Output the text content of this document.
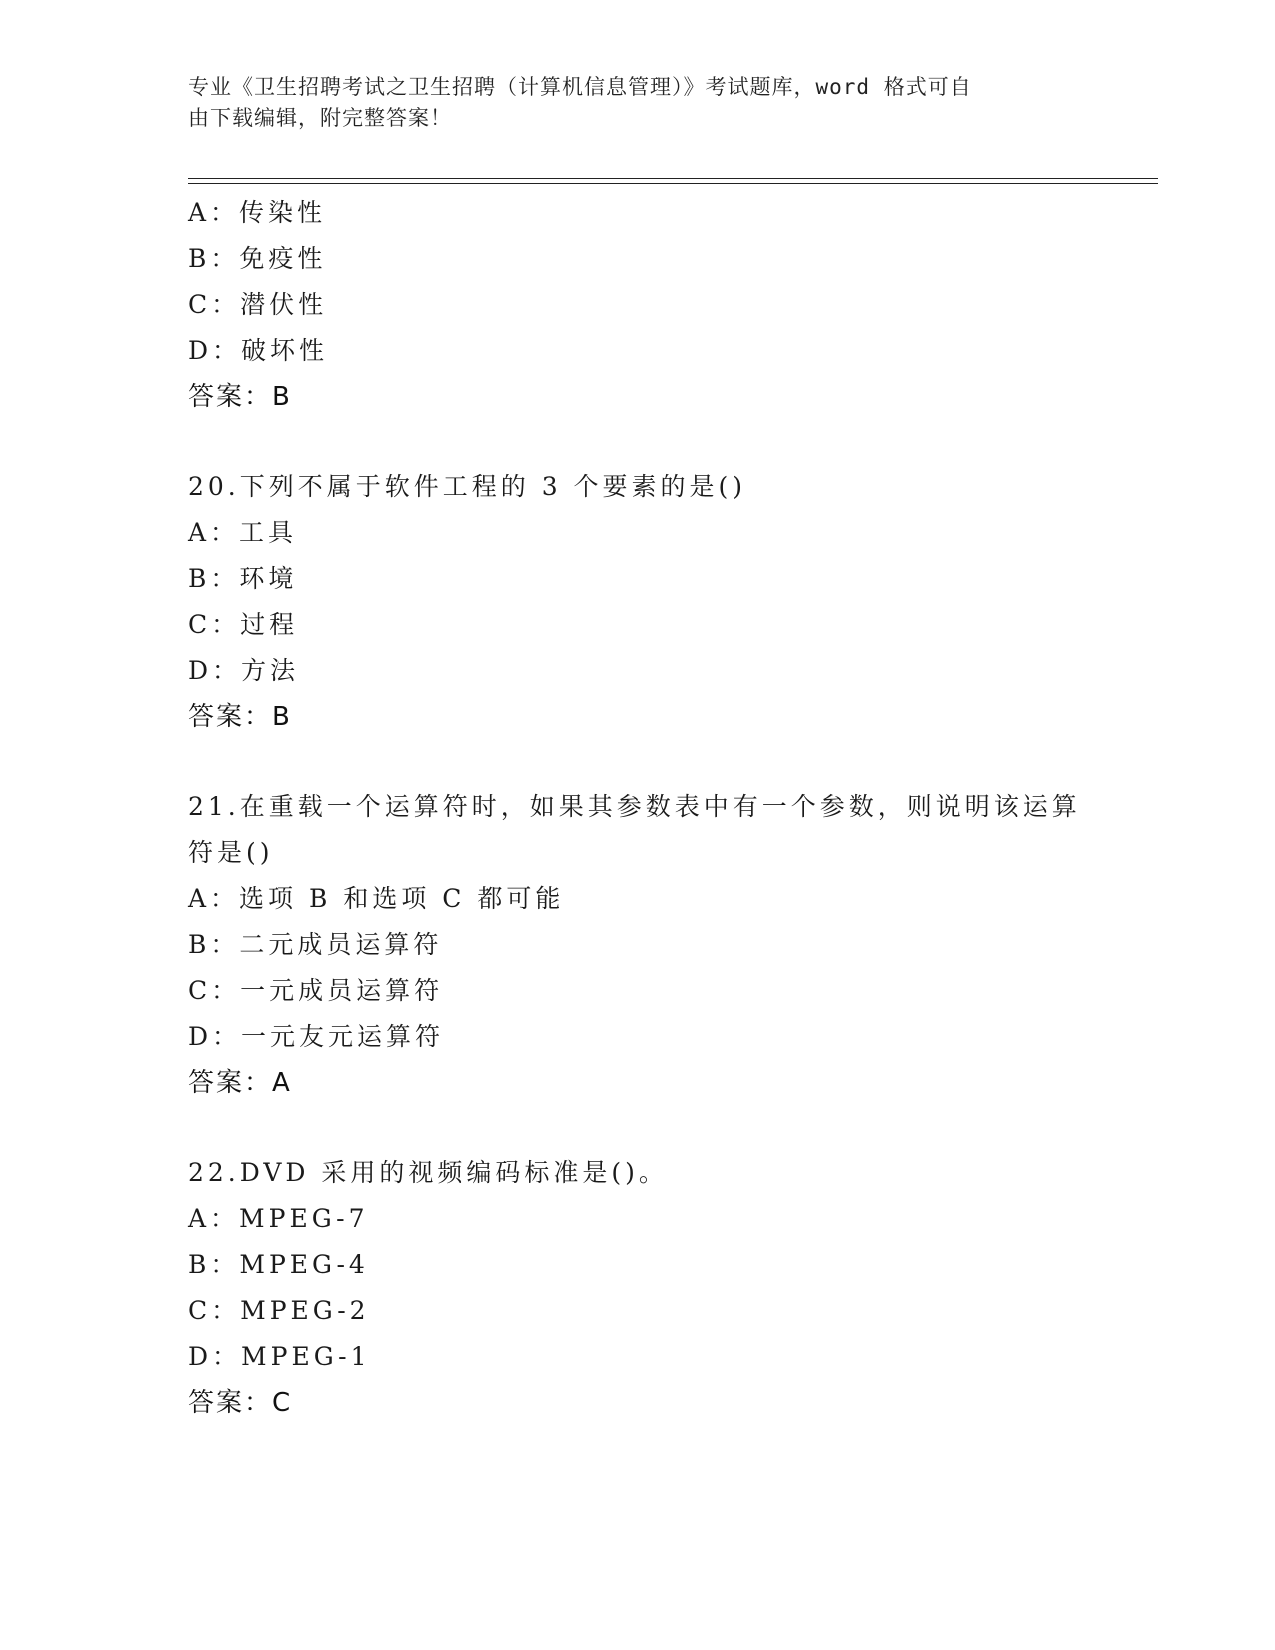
专业《卫生招聘考试之卫生招聘（计算机信息管理）》考试题库，word 格式可自
由下载编辑，附完整答案！
A：传染性
B：免疫性
C：潜伏性
D：破坏性
答案：B
20.下列不属于软件工程的 3 个要素的是()
A：工具
B：环境
C：过程
D：方法
答案：B
21.在重载一个运算符时，如果其参数表中有一个参数，则说明该运算
符是()
A：选项 B 和选项 C 都可能
B：二元成员运算符
C：一元成员运算符
D：一元友元运算符
答案：A
22.DVD 采用的视频编码标准是()。
A：MPEG-7
B：MPEG-4
C：MPEG-2
D：MPEG-1
答案：C
